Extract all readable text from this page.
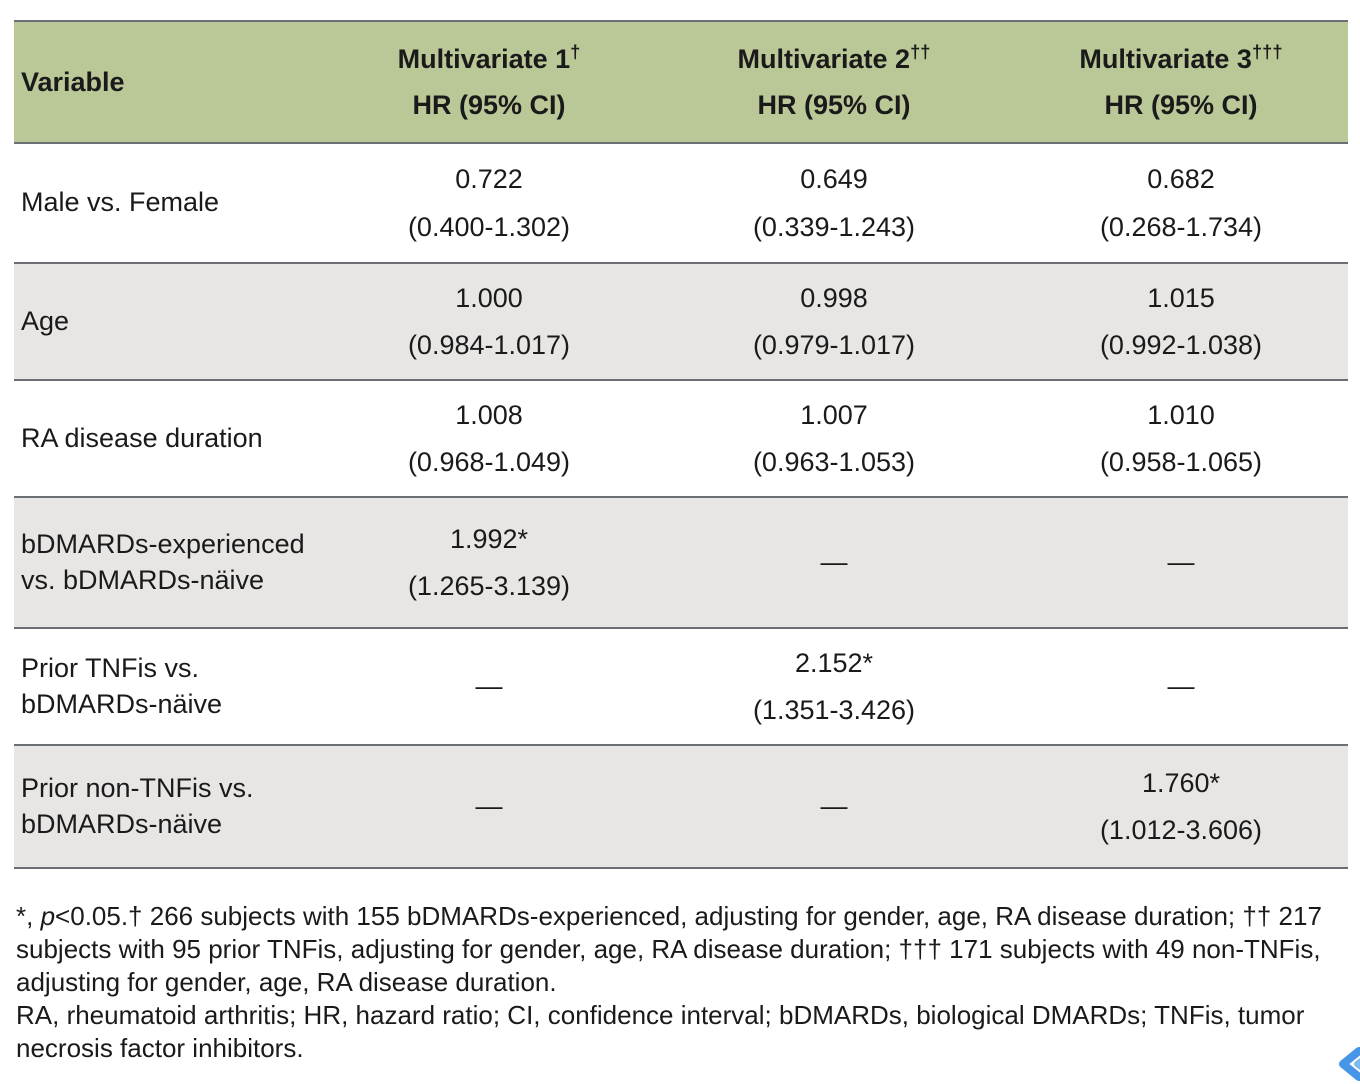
Variable
Multivariate 1†
HR (95% CI)
Multivariate 2††
HR (95% CI)
Multivariate 3†††
HR (95% CI)
Male vs. Female
0.722
(0.400-1.302)
0.649
(0.339-1.243)
0.682
(0.268-1.734)
Age
1.000
(0.984-1.017)
0.998
(0.979-1.017)
1.015
(0.992-1.038)
RA disease duration
1.008
(0.968-1.049)
1.007
(0.963-1.053)
1.010
(0.958-1.065)
bDMARDs-experienced
vs. bDMARDs-näive
1.992*
(1.265-3.139)
—	—
Prior TNFis vs.
bDMARDs-näive
—
2.152*
(1.351-3.426)
—
Prior non-TNFis vs.
bDMARDs-näive
—	—
1.760*
(1.012-3.606)

*, p<0.05.† 266 subjects with 155 bDMARDs-experienced, adjusting for gender, age, RA disease duration; †† 217 subjects with 95 prior TNFis, adjusting for gender, age, RA disease duration; ††† 171 subjects with 49 non-TNFis, adjusting for gender, age, RA disease duration.

RA, rheumatoid arthritis; HR, hazard ratio; CI, confidence interval; bDMARDs, biological DMARDs; TNFis, tumor necrosis factor inhibitors.
